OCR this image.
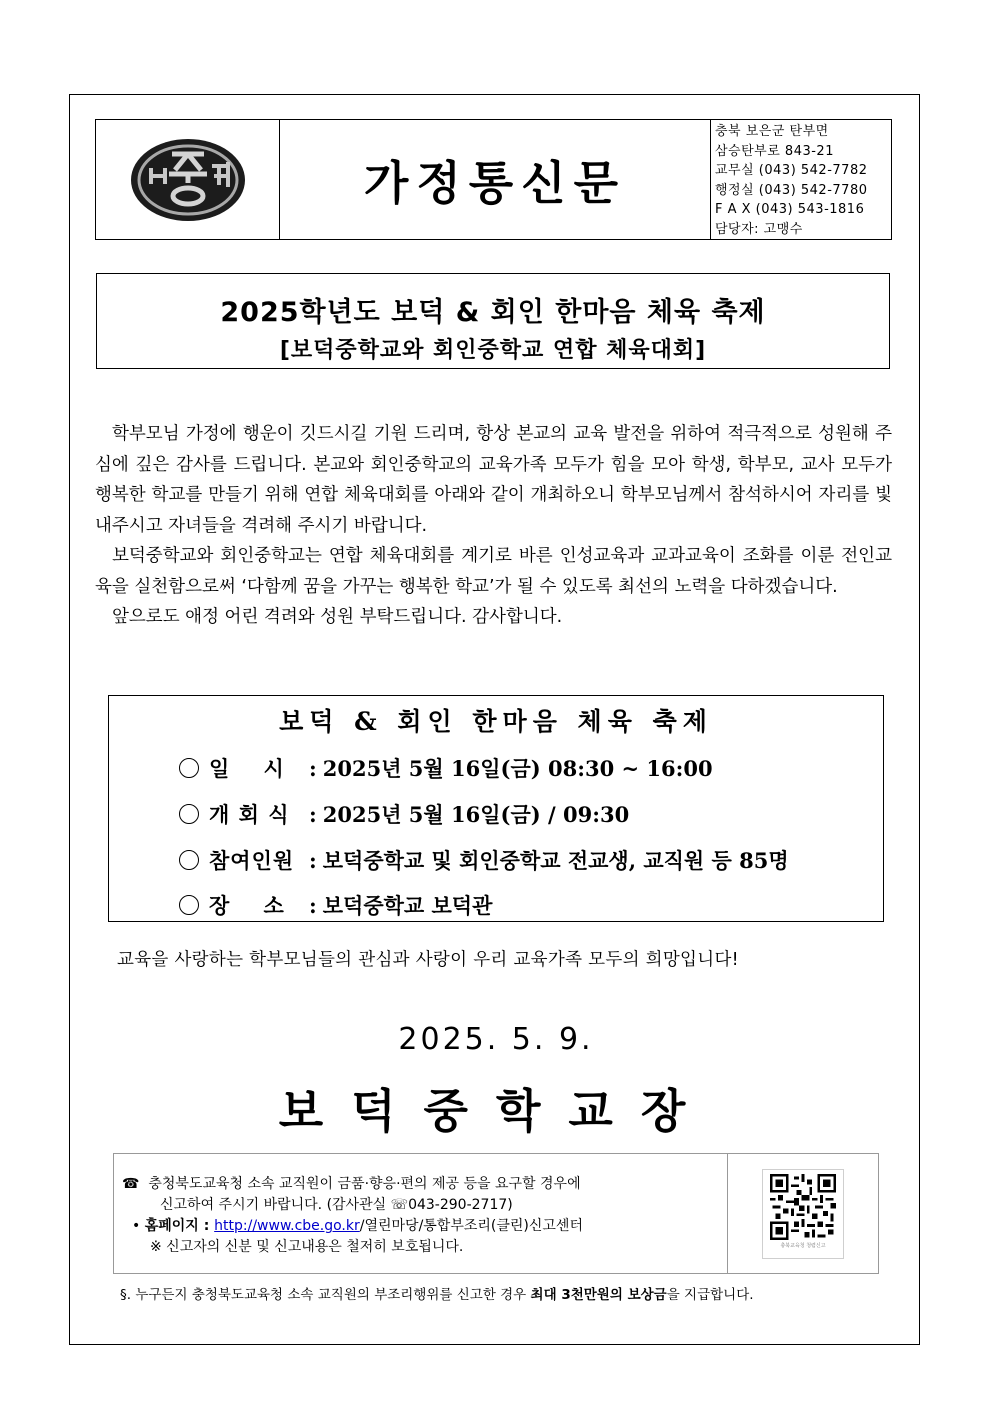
가정통신문
충북 보은군 탄부면
삼승탄부로 843-21
교무실 (043) 542-7782
행정실 (043) 542-7780
F A X (043) 543-1816
담당자: 고맹수
2025학년도 보덕 & 회인 한마음 체육 축제
[보덕중학교와 회인중학교 연합 체육대회]

학부모님 가정에 행운이 깃드시길 기원 드리며, 항상 본교의 교육 발전을 위하여 적극적으로 성원해 주심에 깊은 감사를 드립니다. 본교와 회인중학교의 교육가족 모두가 힘을 모아 학생, 학부모, 교사 모두가 행복한 학교를 만들기 위해 연합 체육대회를 아래와 같이 개최하오니 학부모님께서 참석하시어 자리를 빛내주시고 자녀들을 격려해 주시기 바랍니다.

보덕중학교와 회인중학교는 연합 체육대회를 계기로 바른 인성교육과 교과교육이 조화를 이룬 전인교육을 실천함으로써 ‘다함께 꿈을 가꾸는 행복한 학교’가 될 수 있도록 최선의 노력을 다하겠습니다.

앞으로도 애정 어린 격려와 성원 부탁드립니다. 감사합니다.

보덕 & 회인 한마음 체육 축제
일    시 : 2025년 5월 16일(금) 08:30 ~ 16:00
개 회 식 : 2025년 5월 16일(금) / 09:30
참여인원 : 보덕중학교 및 회인중학교 전교생, 교직원 등 85명
장    소 : 보덕중학교 보덕관
교육을 사랑하는 학부모님들의 관심과 사랑이 우리 교육가족 모두의 희망입니다!
2025. 5. 9.
보덕중학교장
☎ 충청북도교육청 소속 교직원이 금품·향응·편의 제공 등을 요구할 경우에
신고하여 주시기 바랍니다. (감사관실 ☏043-290-2717)
• 홈페이지 : http://www.cbe.go.kr/열린마당/통합부조리(클린)신고센터
※ 신고자의 신분 및 신고내용은 철저히 보호됩니다.	충북교육청 청렴신고
§. 누구든지 충청북도교육청 소속 교직원의 부조리행위를 신고한 경우 최대 3천만원의 보상금을 지급합니다.
